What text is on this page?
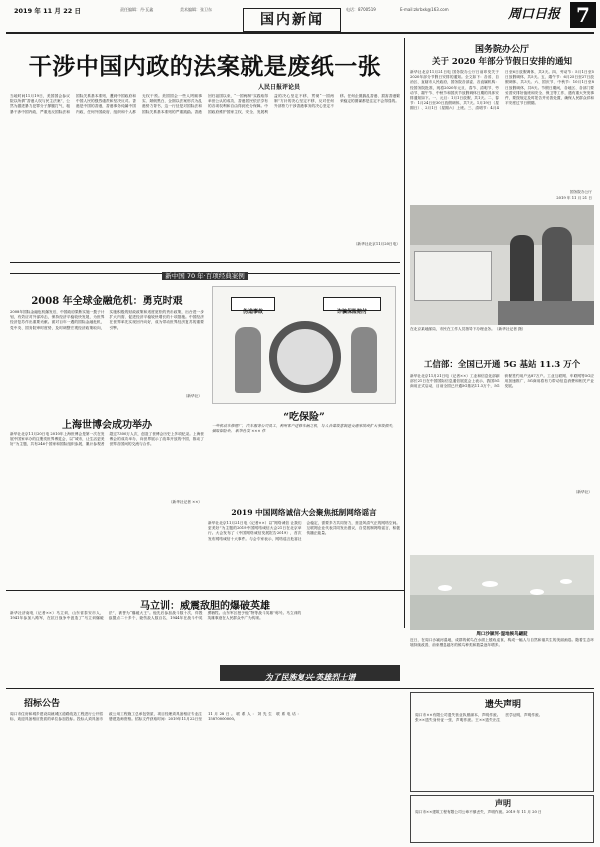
2019 年 11 月 22 日	责任编辑：丹·瓦鑫	美术编辑：张卫东
国内新闻
电话：8700519	E-mail:zkrbxk@163.com	周口日报 7
干涉中国内政的法案就是废纸一张
人民日报评论员
当地时间11月19日，美国国会参议院以所谓“香港人权与民主法案”，公然为激进暴力犯罪分子撑腰打气，粗暴干涉中国内政，严重违反国际法和国际关系基本准则，遭到中国政府和中国人民的强烈谴责和坚决反对。香港是中国的香港，香港事务纯属中国内政，任何外国政府、组织和个人都无权干预。美国国会一些人罔顾事实、颠倒黑白，企图以法案形式为乱港势力背书，这一行径是对国际法和国际关系基本准则的严重践踏。香港回归祖国以来，“一国两制”实践取得举世公认的成功，香港居民依法享有的各项权利和自由得到充分保障。中国政府维护国家主权、安全、发展利益的决心坚定不移，贯彻“一国两制”方针的决心坚定不移，反对任何外部势力干涉香港事务的决心坚定不移。任何企图搞乱香港、损害香港繁荣稳定的图谋都是注定不会得逞的。
（新华社北京11月20日电）
国务院办公厅
关于 2020 年部分节假日安排的通知
新华社北京11月21日电 国务院办公厅日前印发关于2020年部分节假日安排的通知。全文如下：各省、自治区、直辖市人民政府，国务院各部委、各直属机构：经国务院批准，现将2020年元旦、春节、清明节、劳动节、端午节、中秋节和国庆节放假调休日期的具体安排通知如下。一、元旦：1月1日放假，共1天。二、春节：1月24日至30日放假调休，共7天。1月19日（星期日）、2月1日（星期六）上班。三、清明节：4月4日至6日放假调休，共3天。四、劳动节：5月1日至5日放假调休，共5天。五、端午节：6月25日至27日放假调休，共3天。六、国庆节、中秋节：10月1日至8日放假调休，共8天。节假日期间，各地区、各部门要妥善安排好值班和安全、保卫等工作，遇有重大突发事件，要按规定及时报告并妥善处置，确保人民群众祥和平安度过节日假期。
国务院办公厅
2019 年 11 月 21 日
在北京某地邮局，市民在工作人员指导下办理业务。（新华社记者 摄）
新中国 70 年·百项经典案例
2008 年全球金融危机：勇克时艰
2008年国际金融危机爆发后，中国政府果断实施一揽子计划，有效应对外部冲击，保持经济平稳较快发展，为世界经济复苏作出重要贡献。面对百年一遇的国际金融危机，党中央、国务院审时度势，及时调整宏观经济政策取向，实施积极的财政政策和适度宽松的货币政策，出台进一步扩大内需、促进经济平稳较快增长的十项措施。中国经济在世界率先实现回升向好，成为带动世界经济复苏的重要引擎。
（新华社）
上海世博会成功举办
新华社北京11月20日电 2010年上海世博会是第一次在发展中国家举办的注册类世界博览会，以“城市，让生活更美好”为主题，共有246个国家和国际组织参展，累计参观者超过7300万人次，创造了世博会历史上多项纪录。上海世博会的成功举办，向世界展示了改革开放的中国，推动了世界各国间的交流与合作。
（新华社记者 ××）
伪造事故	诈骗保险赔付
“吃保险”
一些机动车修理厂、汽车服务公司员工，利用客户送修车辆之机，与人合谋故意制造交通事故或扩大事故损失，骗取保险金。 新华社发 ××× 作
2019 中国网络诚信大会聚焦抵制网络谣言
新华社北京11月21日电（记者××）以“网络诚信 让我们更美好”为主题的2019中国网络诚信大会21日在北京举行。大会发布了《中国网络诚信发展报告2019》，首次发布网络诚信十大事件。与会专家表示，网络谣言危害社会稳定，需要多方共同努力，营造风清气正的网络空间。互联网企业代表共同发出倡议，自觉抵制网络谣言，积极传播正能量。
工信部：全国已开通 5G 基站 11.3 万个
新华社北京11月21日电（记者××）工业和信息化部副部长21日在中国国际信息通信展览会上表示，我国5G商用正式启动，目前全国已开通5G基站11.3万个，5G套餐签约用户达87万户。工业互联网、车联网等5G应用加速推广，5G商用将有力带动信息消费和相关产业发展。
（新华社）
周口沙颍河·湿地候鸟翩跹
近日，在周口沙颍河湿地，成群的候鸟在水面上嬉戏觅食，构成一幅人与自然和谐共生的美丽画卷。随着生态环境持续改善，前来栖息越冬的候鸟种类和数量逐年增多。
马立训：威震敌胆的爆破英雄
新华社济南电（记者××）马立训，山东省泰安市人，1941年参加八路军，在抗日战争中创造了“马立训爆破法”，被誉为“爆破大王”。他先后参加战斗数十次，炸毁敌据点二十多个，毙伤敌人数百名，1944年在战斗中英勇牺牲。山东军区授予他“特等战斗英雄”称号。马立训的英雄事迹在人民群众中广为传颂。
为了民族复兴·英雄烈士谱
招标公告
周口市住房和城乡建设局就城区道路改造工程进行公开招标，欢迎具备相应资质的单位参加投标。投标人须具备市政公用工程施工总承包资质，项目经理须具备相应专业注册建造师资格。招标文件获取时间：2019年11月22日至11月28日。联系人：刘先生 联系电话：15870000000。
遗失声明
周口市××有限公司遗失营业执照副本，声明作废。张××遗失身份证一张，声明作废。王××遗失出生医学证明，声明作废。
声明
周口市××建筑工程有限公司公章不慎丢失，声明作废。2019 年 11 月 20 日
